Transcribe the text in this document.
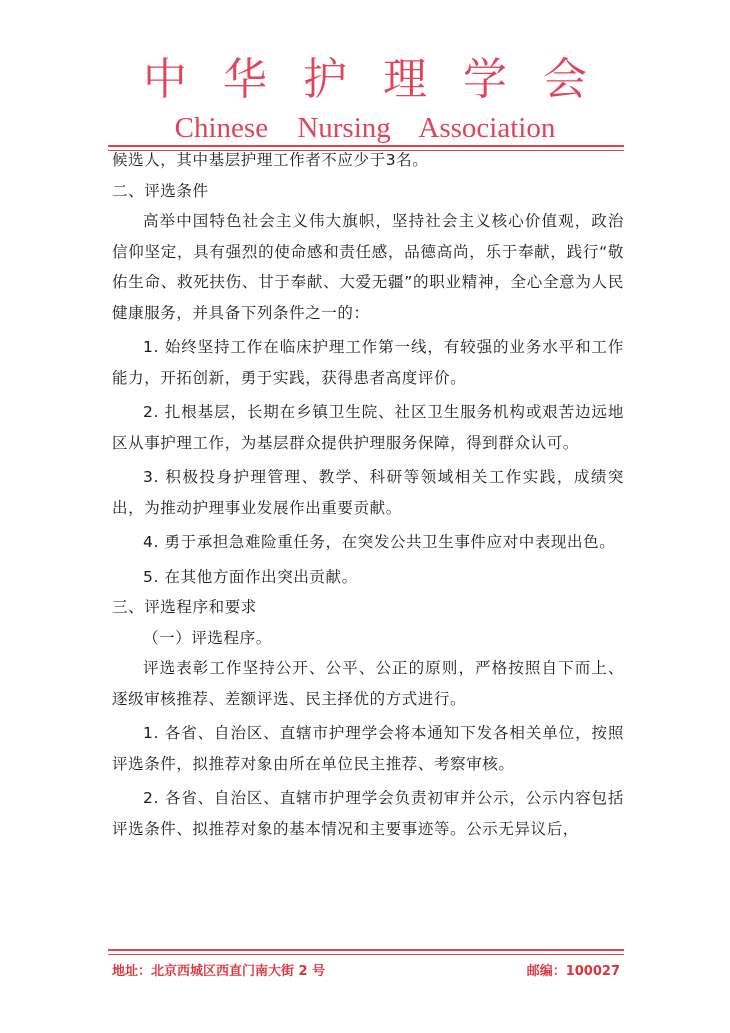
中华护理学会
Chinese Nursing Association

候选人，其中基层护理工作者不应少于3名。

二、评选条件

高举中国特色社会主义伟大旗帜，坚持社会主义核心价值观，政治信仰坚定，具有强烈的使命感和责任感，品德高尚，乐于奉献，践行“敬佑生命、救死扶伤、甘于奉献、大爱无疆”的职业精神，全心全意为人民健康服务，并具备下列条件之一的：

1. 始终坚持工作在临床护理工作第一线，有较强的业务水平和工作能力，开拓创新，勇于实践，获得患者高度评价。

2. 扎根基层，长期在乡镇卫生院、社区卫生服务机构或艰苦边远地区从事护理工作，为基层群众提供护理服务保障，得到群众认可。

3. 积极投身护理管理、教学、科研等领域相关工作实践，成绩突出，为推动护理事业发展作出重要贡献。

4. 勇于承担急难险重任务，在突发公共卫生事件应对中表现出色。

5. 在其他方面作出突出贡献。

三、评选程序和要求

（一）评选程序。

评选表彰工作坚持公开、公平、公正的原则，严格按照自下而上、逐级审核推荐、差额评选、民主择优的方式进行。

1. 各省、自治区、直辖市护理学会将本通知下发各相关单位，按照评选条件，拟推荐对象由所在单位民主推荐、考察审核。

2. 各省、自治区、直辖市护理学会负责初审并公示，公示内容包括评选条件、拟推荐对象的基本情况和主要事迹等。公示无异议后，

地址：北京西城区西直门南大街 2 号	邮编：100027
